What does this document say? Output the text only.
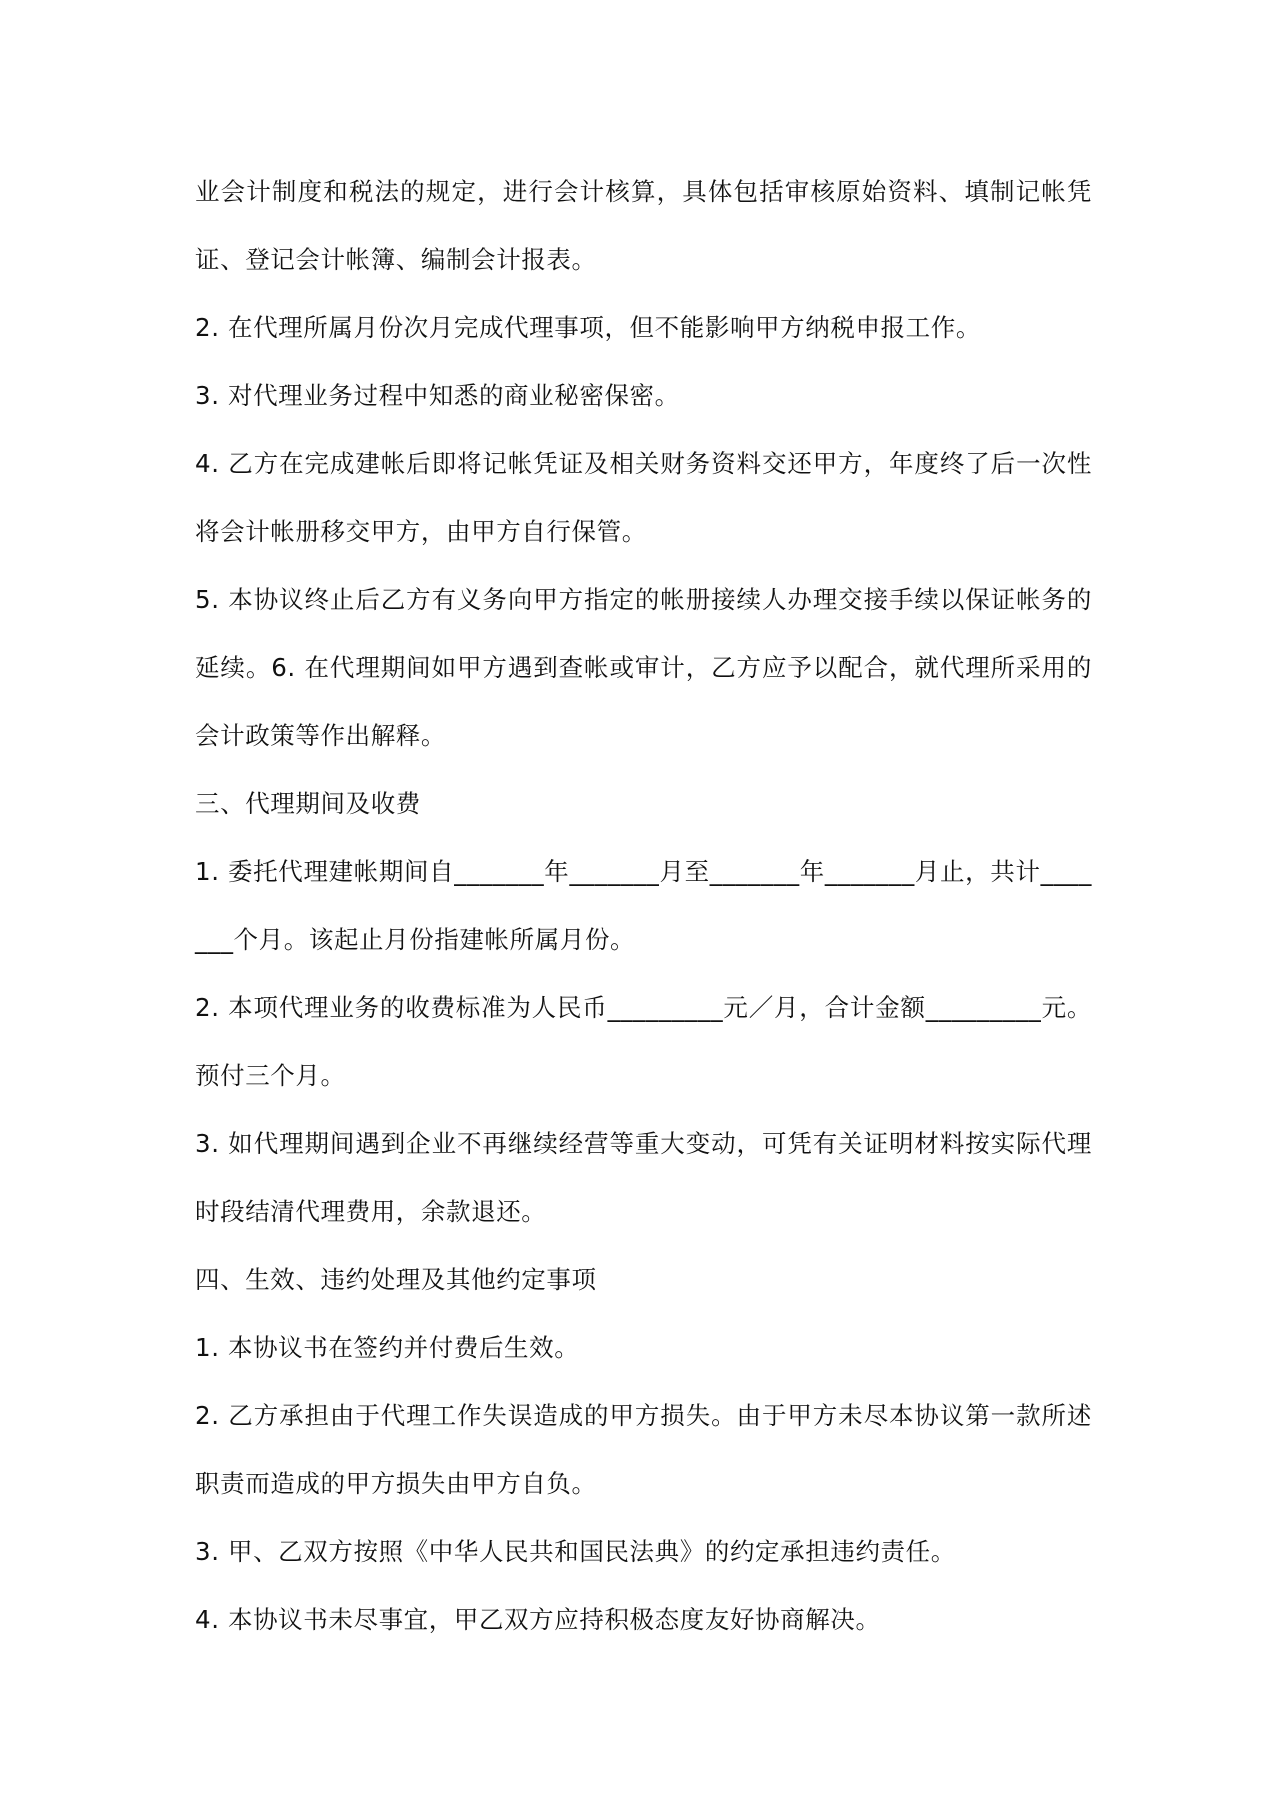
业会计制度和税法的规定，进行会计核算，具体包括审核原始资料、填制记帐凭证、登记会计帐簿、编制会计报表。

2. 在代理所属月份次月完成代理事项，但不能影响甲方纳税申报工作。

3. 对代理业务过程中知悉的商业秘密保密。

4. 乙方在完成建帐后即将记帐凭证及相关财务资料交还甲方，年度终了后一次性将会计帐册移交甲方，由甲方自行保管。

5. 本协议终止后乙方有义务向甲方指定的帐册接续人办理交接手续以保证帐务的延续。6. 在代理期间如甲方遇到查帐或审计，乙方应予以配合，就代理所采用的会计政策等作出解释。

三、代理期间及收费

1. 委托代理建帐期间自_______年_______月至_______年_______月止，共计_______个月。该起止月份指建帐所属月份。

2. 本项代理业务的收费标准为人民币_________元／月，合计金额_________元。预付三个月。

3. 如代理期间遇到企业不再继续经营等重大变动，可凭有关证明材料按实际代理时段结清代理费用，余款退还。

四、生效、违约处理及其他约定事项

1. 本协议书在签约并付费后生效。

2. 乙方承担由于代理工作失误造成的甲方损失。由于甲方未尽本协议第一款所述职责而造成的甲方损失由甲方自负。

3. 甲、乙双方按照《中华人民共和国民法典》的约定承担违约责任。

4. 本协议书未尽事宜，甲乙双方应持积极态度友好协商解决。
